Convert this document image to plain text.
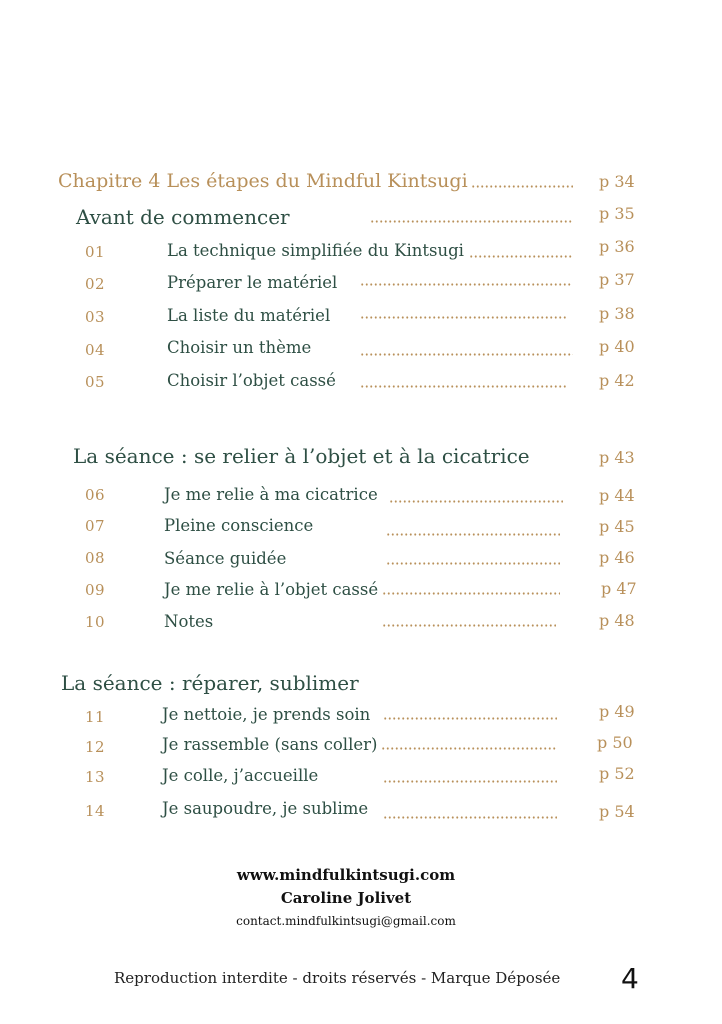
Chapitre 4 Les étapes du Mindful Kintsugi	p 34
Avant de commencer	p 35
01	La technique simplifiée du Kintsugi	p 36
02	Préparer le matériel	p 37
03	La liste du matériel	p 38
04	Choisir un thème	p 40
05	Choisir l’objet cassé	p 42
La séance : se relier à l’objet et à la cicatrice	p 43
06	Je me relie à ma cicatrice	p 44
07	Pleine conscience	p 45
08	Séance guidée	p 46
09	Je me relie à l’objet cassé	p 47
10	Notes	p 48
La séance : réparer, sublimer
11	Je nettoie, je prends soin	p 49
12	Je rassemble (sans coller)	p 50
13	Je colle, j’accueille	p 52
14	Je saupoudre, je sublime	p 54
www.mindfulkintsugi.com
Caroline Jolivet
contact.mindfulkintsugi@gmail.com
Reproduction interdite - droits réservés - Marque Déposée 4
